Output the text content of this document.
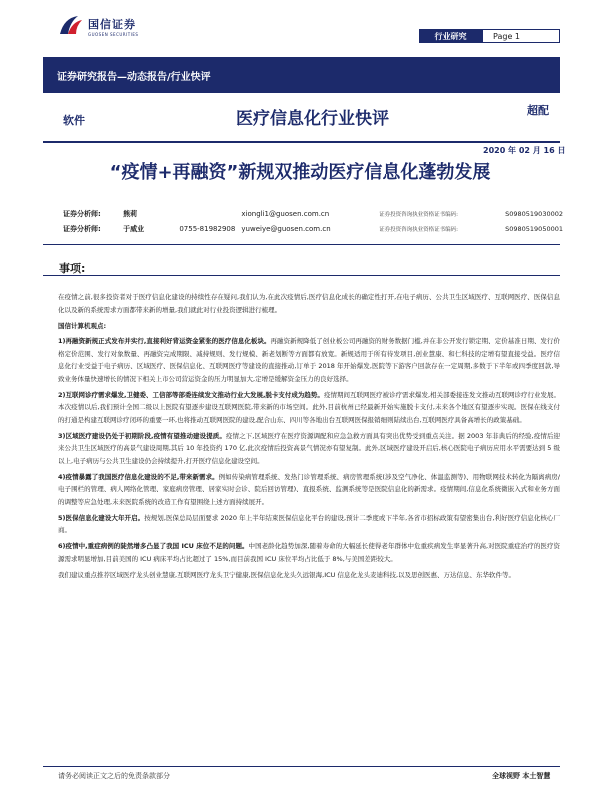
国信证券
GUOSEN SECURITIES	行业研究	Page 1
证券研究报告—动态报告/行业快评
软件	医疗信息化行业快评	超配
2020 年 02 月 16 日
“疫情+再融资”新规双推动医疗信息化蓬勃发展
证券分析师:	熊莉	xiongli1@guosen.com.cn	证券投资咨询执业资格证书编码:	S0980519030002
证券分析师:	于威业	0755-81982908 yuweiye@guosen.com.cn	证券投资咨询执业资格证书编码:	S0980519050001
事项:

在疫情之前,很多投资者对于医疗信息化建设的持续性存在疑问,我们认为,在此次疫情后,医疗信息化成长的确定性打开,在电子病历、公共卫生区域医疗、互联网医疗、医保信息化以及新的系统需求方面都带来新的增量,我们就此对行业投资逻辑进行梳理。

国信计算机观点:

1)再融资新规正式发布并实行,直接利好背运资金紧张的医疗信息化板块。再融资新规降低了创业板公司再融资的财务数据门槛,并在非公开发行锁定期、定价基准日期、发行价格定价范围、发行对象数量、再融资完成期限、减持规则、发行规模、新老划断等方面都有放宽。新规适用于所有待发项目,创业慧康、和仁科技的定增有望直接受益。医疗信息化行业受益于电子病历、区域医疗、医保信息化、互联网医疗等建设的直接推动,订单于 2018 年开始爆发,医院等下游客户回款存在一定周期,多数于下半年或四季度回款,导致业务体量快速增长的情况下相关上市公司营运资金的压力明显加大,定增是缓解资金压力的良好选择。

2)互联网诊疗需求爆发,卫健委、工信部等部委连续发文推动行业大发展,脱卡支付成为趋势。疫情期间互联网医疗被诊疗需求爆发,相关部委接连发文推动互联网诊疗行业发展。本次疫情以后,我们预计全国二级以上医院有望逐步建设互联网医院,带来新的市场空间。此外,目前杭州已经最新开始实施脱卡支付,未来各个地区有望逐步实现。医保在线支付的打通是构建互联网诊疗闭环的重要一环,也将推动互联网医院的建设,配合山东、四川等各地出台互联网医保报销细则陆续出台,互联网医疗具备高增长的政策基础。

3)区域医疗建设仍处于初期阶段,疫情有望推动建设提质。疫情之下,区域医疗在医疗资源调配和应急急救方面具有突出优势受到重点关注。据 2003 年非典后的经验,疫情后迎来公共卫生区域医疗的高景气建设周期,其后 10 年投资约 170 亿,此次疫情后投资高景气情况亦有望复制。此外,区域医疗建设开启后,核心医院电子病历应用水平需要达到 5 级以上,电子病历与公共卫生建设仍会持续提升,打开医疗信息化建设空间。

4)疫情暴露了我国医疗信息化建设的不足,带来新需求。例如传染病管理系统、发热门诊管理系统、病房管理系统(涉及空气净化、体温监测等)、用物联网技术转化为隔离病房/电子围栏的管理、病人网络化管理、家庭病房管理、居家实时会诊、院后回访管理)、直报系统、监测系统等是医院信息化的新需求。疫情期间,信息化系统微嵌入式和业务方面的调整等应急处理,未来医院系统的改造工作有望围绕上述方面持续展开。

5)医保信息化建设大年开启。按规划,医保总局层面要求 2020 年上半年结束医保信息化平台的建设,预计二季度或下半年,各省市招标政策有望密集出台,利好医疗信息化核心厂商。

6)疫情中,重症病例的陡然增多凸显了我国 ICU 床位不足的问题。中国老龄化趋势加深,随着寿命的大幅延长使得老年群体中危重疾病发生率显著升高,对医院重症治疗的医疗资源需求明显增加,目前美国的 ICU 病床平均占比超过了 15%,而目前我国 ICU 床位平均占比低于 8%,与美国差距较大。

我们建议重点推荐区域医疗龙头创业慧康,互联网医疗龙头卫宁健康,医保信息化龙头久远银海,ICU 信息化龙头麦迪科技,以及思创医惠、万达信息、东华软件等。

请务必阅读正文之后的免责条款部分	全球视野 本土智慧
